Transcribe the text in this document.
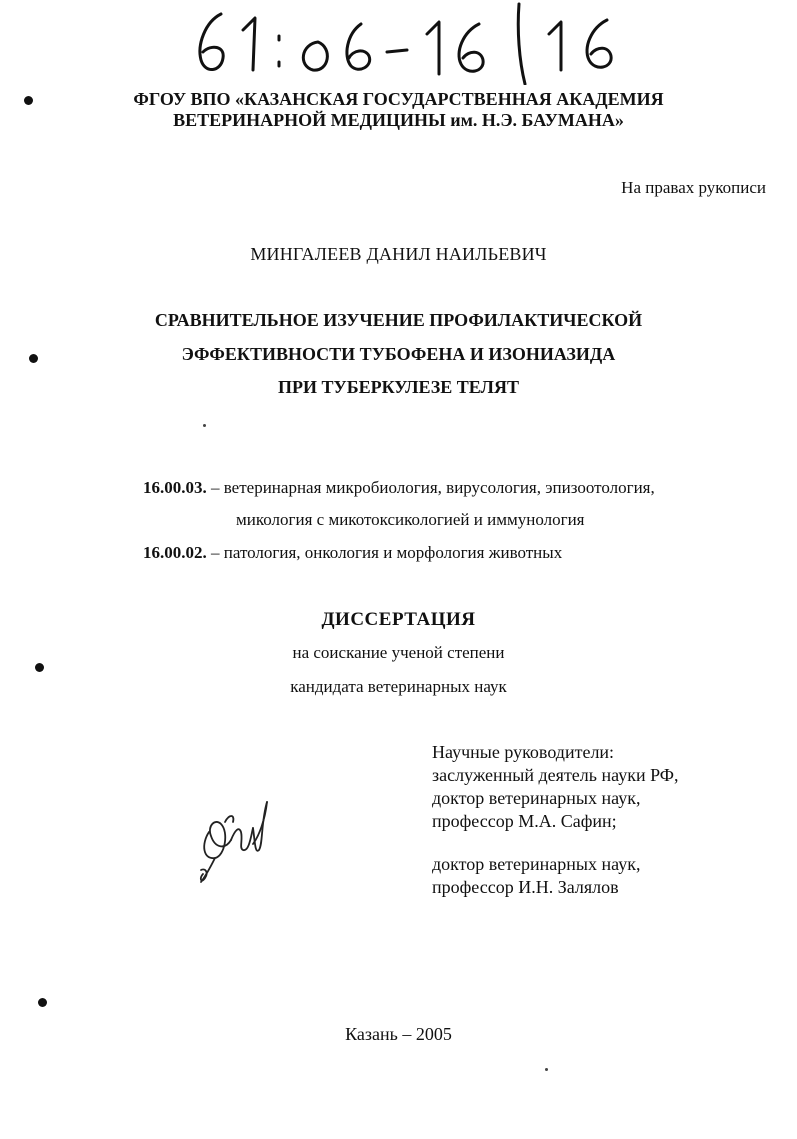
ФГОУ ВПО «КАЗАНСКАЯ ГОСУДАРСТВЕННАЯ АКАДЕМИЯ
ВЕТЕРИНАРНОЙ МЕДИЦИНЫ им. Н.Э. БАУМАНА»
На правах рукописи
МИНГАЛЕЕВ ДАНИЛ НАИЛЬЕВИЧ
СРАВНИТЕЛЬНОЕ ИЗУЧЕНИЕ ПРОФИЛАКТИЧЕСКОЙ
ЭФФЕКТИВНОСТИ ТУБОФЕНА И ИЗОНИАЗИДА
ПРИ ТУБЕРКУЛЕЗЕ ТЕЛЯТ
16.00.03. – ветеринарная микробиология, вирусология, эпизоотология,
микология с микотоксикологией и иммунология
16.00.02. – патология, онкология и морфология животных
ДИССЕРТАЦИЯ
на соискание ученой степени
кандидата ветеринарных наук
Научные руководители:
заслуженный деятель науки РФ,
доктор ветеринарных наук,
профессор М.А. Сафин;
доктор ветеринарных наук,
профессор И.Н. Залялов
Казань – 2005
